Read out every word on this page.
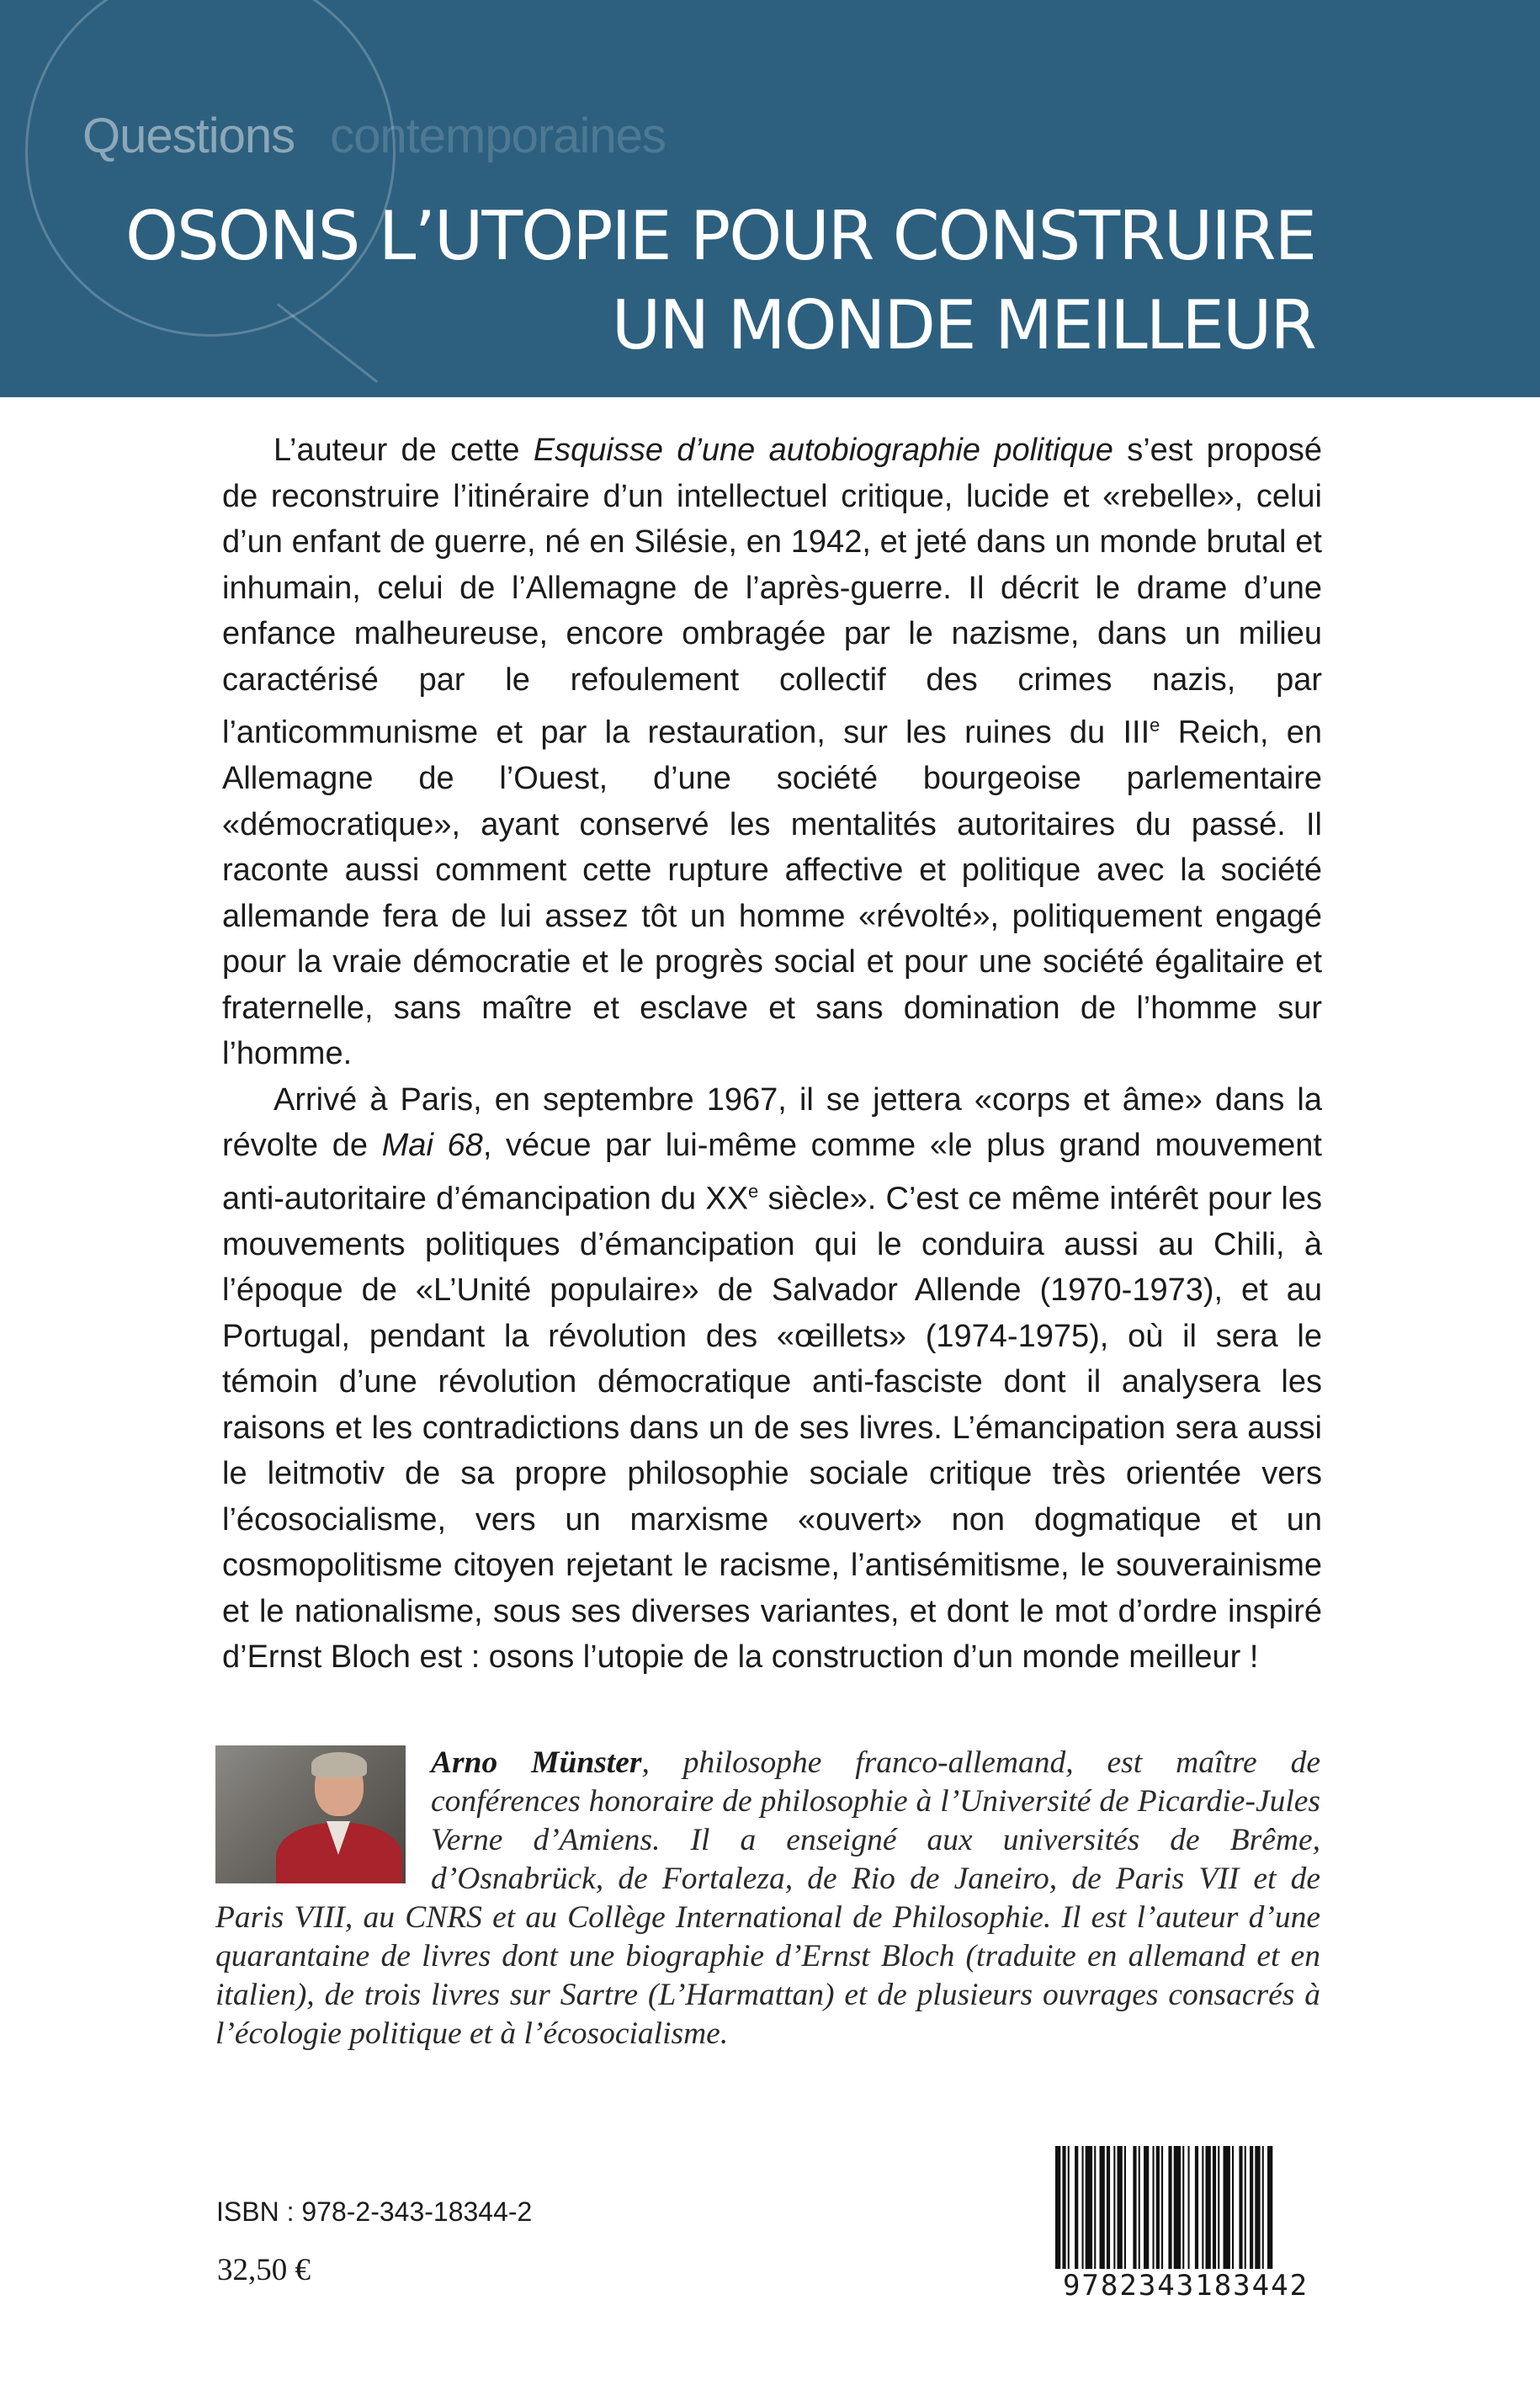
Questions contemporaines
OSONS L’UTOPIE POUR CONSTRUIRE
UN MONDE MEILLEUR

L’auteur de cette Esquisse d’une autobiographie politique s’est proposé de reconstruire l’itinéraire d’un intellectuel critique, lucide et «rebelle», celui d’un enfant de guerre, né en Silésie, en 1942, et jeté dans un monde brutal et inhumain, celui de l’Allemagne de l’après-guerre. Il décrit le drame d’une enfance malheureuse, encore ombragée par le nazisme, dans un milieu caractérisé par le refoulement collectif des crimes nazis, par l’anticommunisme et par la restauration, sur les ruines du IIIe Reich, en Allemagne de l’Ouest, d’une société bourgeoise parlementaire «démocratique», ayant conservé les mentalités autoritaires du passé. Il raconte aussi comment cette rupture affective et politique avec la société allemande fera de lui assez tôt un homme «révolté», politiquement engagé pour la vraie démocratie et le progrès social et pour une société égalitaire et fraternelle, sans maître et esclave et sans domination de l’homme sur l’homme.

Arrivé à Paris, en septembre 1967, il se jettera «corps et âme» dans la révolte de Mai 68, vécue par lui-même comme «le plus grand mouvement anti-autoritaire d’émancipation du XXe siècle». C’est ce même intérêt pour les mouvements politiques d’émancipation qui le conduira aussi au Chili, à l’époque de «L’Unité populaire» de Salvador Allende (1970-1973), et au Portugal, pendant la révolution des «œillets» (1974-1975), où il sera le témoin d’une révolution démocratique anti-fasciste dont il analysera les raisons et les contradictions dans un de ses livres. L’émancipation sera aussi le leitmotiv de sa propre philosophie sociale critique très orientée vers l’écosocialisme, vers un marxisme «ouvert» non dogmatique et un cosmopolitisme citoyen rejetant le racisme, l’antisémitisme, le souverainisme et le nationalisme, sous ses diverses variantes, et dont le mot d’ordre inspiré d’Ernst Bloch est : osons l’utopie de la construction d’un monde meilleur !

Arno Münster, philosophe franco-allemand, est maître de conférences honoraire de philosophie à l’Université de Picardie-Jules Verne d’Amiens. Il a enseigné aux universités de Brême, d’Osnabrück, de Fortaleza, de Rio de Janeiro, de Paris VII et de Paris VIII, au CNRS et au Collège International de Philosophie. Il est l’auteur d’une quarantaine de livres dont une biographie d’Ernst Bloch (traduite en allemand et en italien), de trois livres sur Sartre (L’Harmattan) et de plusieurs ouvrages consacrés à l’écologie politique et à l’écosocialisme.
ISBN : 978-2-343-18344-2
32,50 €	9782343183442
